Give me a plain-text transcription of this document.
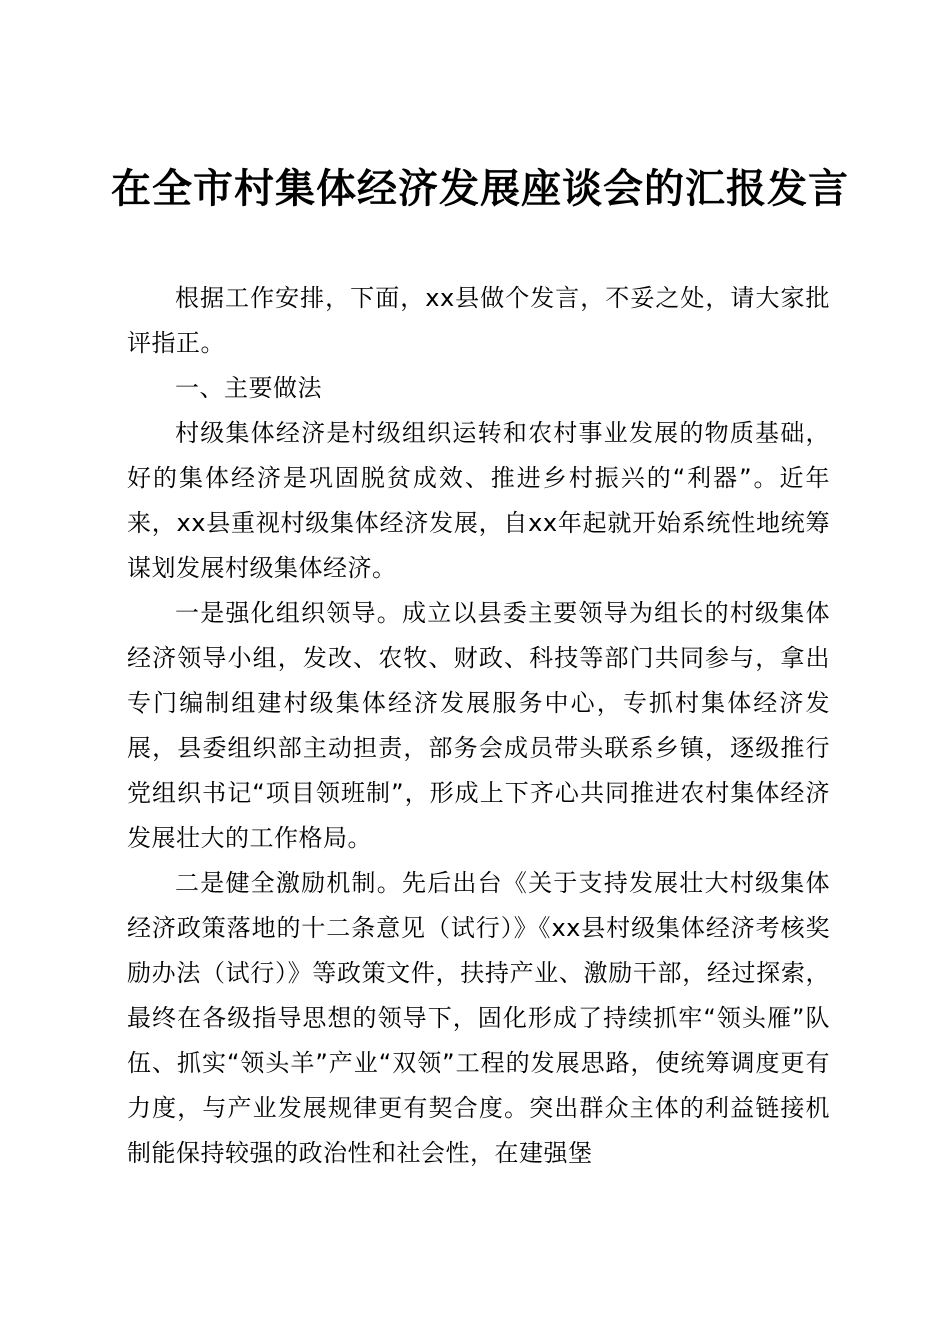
在全市村集体经济发展座谈会的汇报发言

根据工作安排，下面，xx县做个发言，不妥之处，请大家批评指正。

一、主要做法

村级集体经济是村级组织运转和农村事业发展的物质基础，好的集体经济是巩固脱贫成效、推进乡村振兴的“利器”。近年来，xx县重视村级集体经济发展，自xx年起就开始系统性地统筹谋划发展村级集体经济。

一是强化组织领导。成立以县委主要领导为组长的村级集体经济领导小组，发改、农牧、财政、科技等部门共同参与，拿出专门编制组建村级集体经济发展服务中心，专抓村集体经济发展，县委组织部主动担责，部务会成员带头联系乡镇，逐级推行党组织书记“项目领班制”，形成上下齐心共同推进农村集体经济发展壮大的工作格局。

二是健全激励机制。先后出台《关于支持发展壮大村级集体经济政策落地的十二条意见（试行）》《xx县村级集体经济考核奖励办法（试行）》等政策文件，扶持产业、激励干部，经过探索，最终在各级指导思想的领导下，固化形成了持续抓牢“领头雁”队伍、抓实“领头羊”产业“双领”工程的发展思路，使统筹调度更有力度，与产业发展规律更有契合度。突出群众主体的利益链接机制能保持较强的政治性和社会性，在建强堡
